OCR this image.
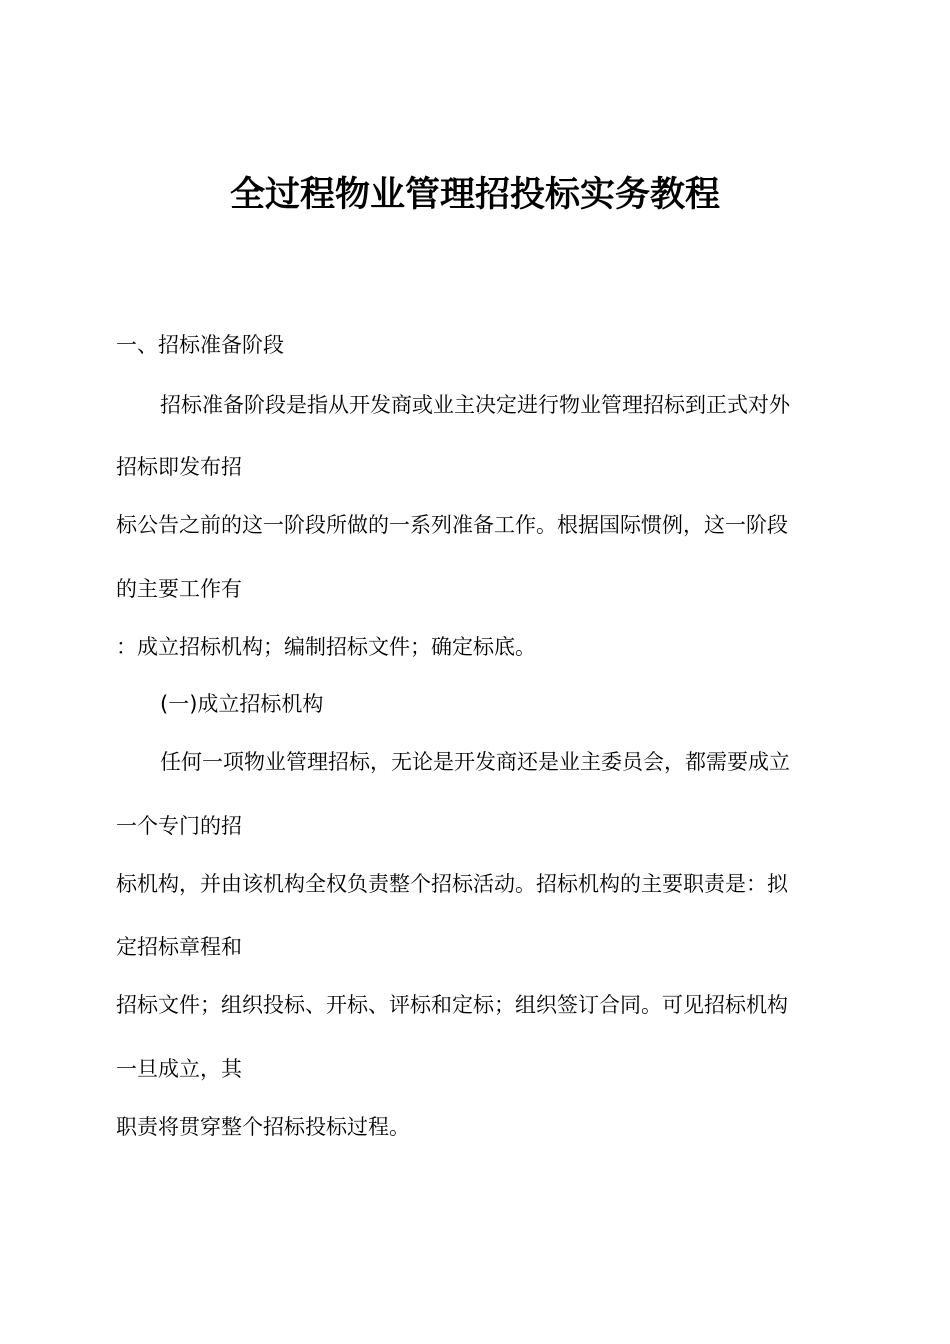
全过程物业管理招投标实务教程
一、招标准备阶段
招标准备阶段是指从开发商或业主决定进行物业管理招标到正式对外
招标即发布招
标公告之前的这一阶段所做的一系列准备工作。根据国际惯例，这一阶段
的主要工作有
：成立招标机构；编制招标文件；确定标底。
(一)成立招标机构
任何一项物业管理招标，无论是开发商还是业主委员会，都需要成立
一个专门的招
标机构，并由该机构全权负责整个招标活动。招标机构的主要职责是：拟
定招标章程和
招标文件；组织投标、开标、评标和定标；组织签订合同。可见招标机构
一旦成立，其
职责将贯穿整个招标投标过程。
